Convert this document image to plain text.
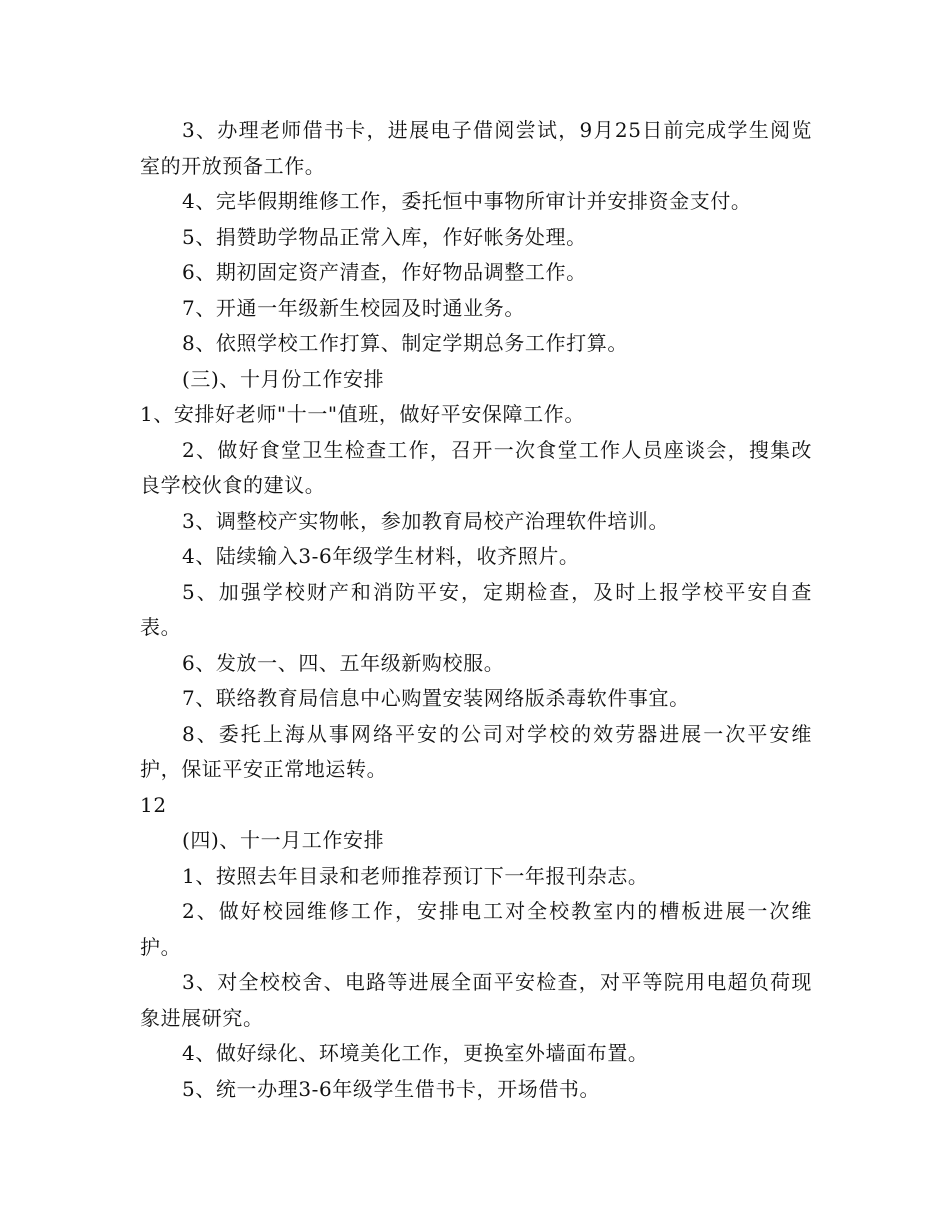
3、办理老师借书卡，进展电子借阅尝试，9月25日前完成学生阅览室的开放预备工作。

4、完毕假期维修工作，委托恒中事物所审计并安排资金支付。

5、捐赞助学物品正常入库，作好帐务处理。

6、期初固定资产清查，作好物品调整工作。

7、开通一年级新生校园及时通业务。

8、依照学校工作打算、制定学期总务工作打算。

(三)、十月份工作安排

1、安排好老师"十一"值班，做好平安保障工作。

2、做好食堂卫生检查工作，召开一次食堂工作人员座谈会，搜集改良学校伙食的建议。

3、调整校产实物帐，参加教育局校产治理软件培训。

4、陆续输入3-6年级学生材料，收齐照片。

5、加强学校财产和消防平安，定期检查，及时上报学校平安自查表。

6、发放一、四、五年级新购校服。

7、联络教育局信息中心购置安装网络版杀毒软件事宜。

8、委托上海从事网络平安的公司对学校的效劳器进展一次平安维护，保证平安正常地运转。

12

(四)、十一月工作安排

1、按照去年目录和老师推荐预订下一年报刊杂志。

2、做好校园维修工作，安排电工对全校教室内的槽板进展一次维护。

3、对全校校舍、电路等进展全面平安检查，对平等院用电超负荷现象进展研究。

4、做好绿化、环境美化工作，更换室外墙面布置。

5、统一办理3-6年级学生借书卡，开场借书。
